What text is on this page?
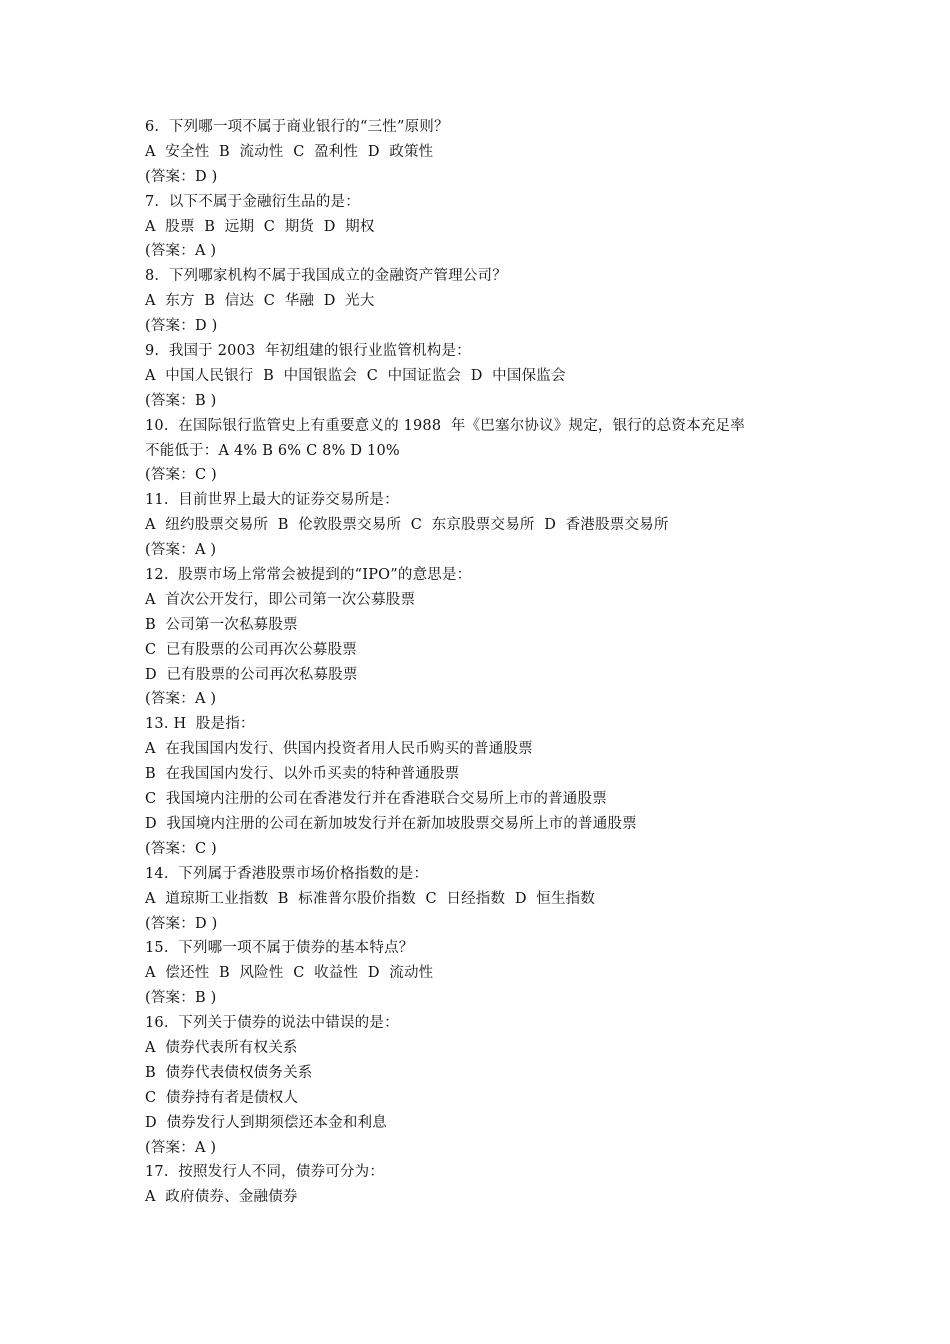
6.  下列哪一项不属于商业银行的“三性”原则？
A  安全性  B  流动性  C  盈利性  D  政策性
(答案：D )
7.  以下不属于金融衍生品的是：
A  股票  B  远期  C  期货  D  期权
(答案：A )
8.  下列哪家机构不属于我国成立的金融资产管理公司？
A  东方  B  信达  C  华融  D  光大
(答案：D )
9.  我国于 2003  年初组建的银行业监管机构是：
A  中国人民银行  B  中国银监会  C  中国证监会  D  中国保监会
(答案：B )
10.  在国际银行监管史上有重要意义的 1988  年《巴塞尔协议》规定，银行的总资本充足率
不能低于：A 4% B 6% C 8% D 10%
(答案：C )
11.  目前世界上最大的证券交易所是：
A  纽约股票交易所  B  伦敦股票交易所  C  东京股票交易所  D  香港股票交易所
(答案：A )
12.  股票市场上常常会被提到的“IPO”的意思是：
A  首次公开发行，即公司第一次公募股票
B  公司第一次私募股票
C  已有股票的公司再次公募股票
D  已有股票的公司再次私募股票
(答案：A )
13. H  股是指：
A  在我国国内发行、供国内投资者用人民币购买的普通股票
B  在我国国内发行、以外币买卖的特种普通股票
C  我国境内注册的公司在香港发行并在香港联合交易所上市的普通股票
D  我国境内注册的公司在新加坡发行并在新加坡股票交易所上市的普通股票
(答案：C )
14.  下列属于香港股票市场价格指数的是：
A  道琼斯工业指数  B  标准普尔股价指数  C  日经指数  D  恒生指数
(答案：D )
15.  下列哪一项不属于债券的基本特点？
A  偿还性  B  风险性  C  收益性  D  流动性
(答案：B )
16.  下列关于债券的说法中错误的是：
A  债券代表所有权关系
B  债券代表债权债务关系
C  债券持有者是债权人
D  债券发行人到期须偿还本金和利息
(答案：A )
17.  按照发行人不同，债券可分为：
A  政府债券、金融债券
